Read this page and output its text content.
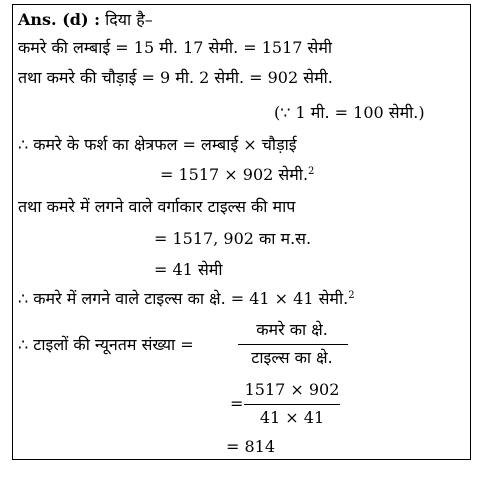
Ans. (d) : दिया है–
कमरे की लम्बाई = 15 मी. 17 सेमी. = 1517 सेमी
तथा कमरे की चौड़ाई = 9 मी. 2 सेमी. = 902 सेमी.
(∵ 1 मी. = 100 सेमी.)
∴ कमरे के फर्श का क्षेत्रफल = लम्बाई × चौड़ाई
= 1517 × 902 सेमी.$^2$
तथा कमरे में लगने वाले वर्गाकार टाइल्स की माप
= 1517, 902 का म.स.
= 41 सेमी
∴ कमरे में लगने वाले टाइल्स का क्षे. = 41 × 41 सेमी.$^2$
∴ टाइलों की न्यूनतम संख्या =
कमरे का क्षे.
टाइल्स का क्षे.
=
1517 × 902
41 × 41
= 814
